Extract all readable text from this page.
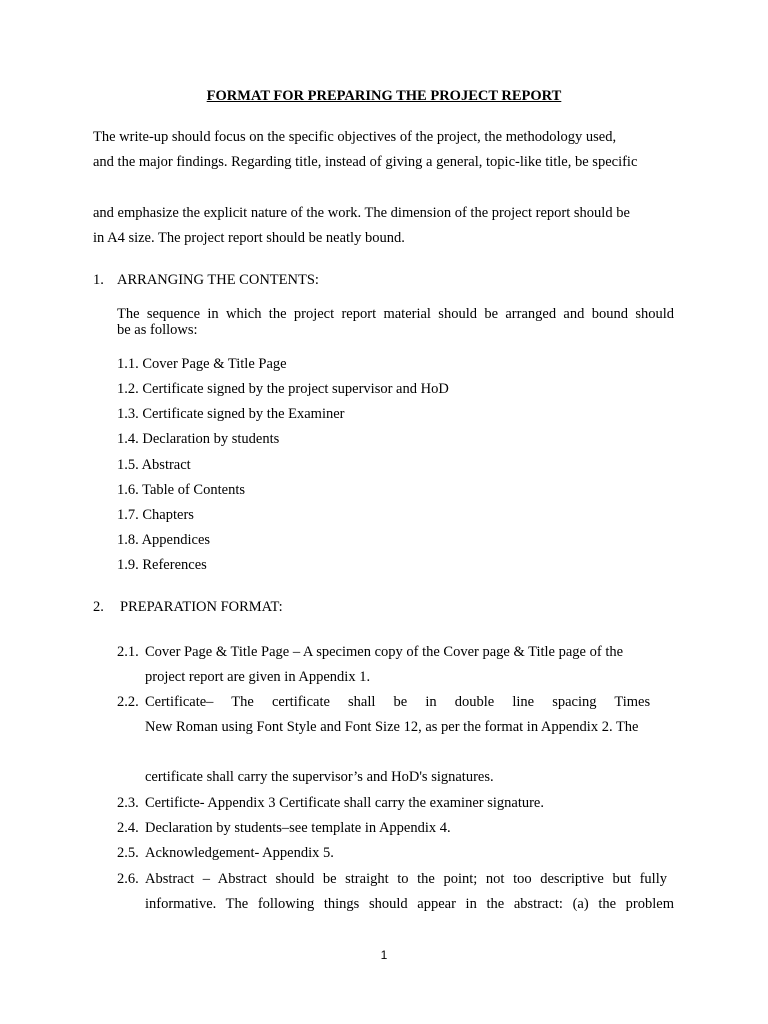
FORMAT FOR PREPARING THE PROJECT REPORT
The write-up should focus on the specific objectives of the project, the methodology used,
and the major findings. Regarding title, instead of giving a general, topic-like title, be specific
and emphasize the explicit nature of the work. The dimension of the project report should be
in A4 size. The project report should be neatly bound.
1. ARRANGING THE CONTENTS:
The sequence in which the project report material should be arranged and bound should
be as follows:
1.1. Cover Page & Title Page
1.2. Certificate signed by the project supervisor and HoD
1.3. Certificate signed by the Examiner
1.4. Declaration by students
1.5. Abstract
1.6. Table of Contents
1.7. Chapters
1.8. Appendices
1.9. References
2. PREPARATION FORMAT:
2.1. Cover Page & Title Page – A specimen copy of the Cover page & Title page of the
project report are given in Appendix 1.
2.2. Certificate–     The     certificate     shall     be     in     double     line     spacing     Times
New Roman using Font Style and Font Size 12, as per the format in Appendix 2. The
certificate shall carry the supervisor’s and HoD's signatures.
2.3. Certificte- Appendix 3 Certificate shall carry the examiner signature.
2.4. Declaration by students–see template in Appendix 4.
2.5. Acknowledgement- Appendix 5.
2.6. Abstract – Abstract should be straight to the point; not too descriptive but fully
informative. The following things should appear in the abstract: (a) the problem
1
